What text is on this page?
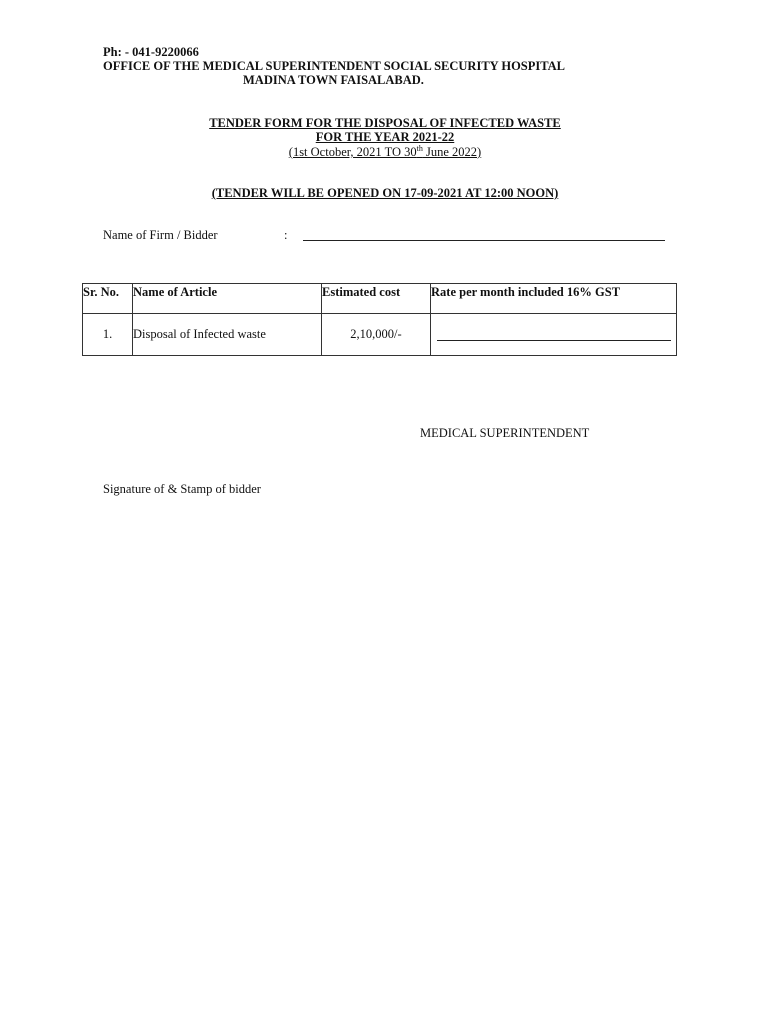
Ph: - 041-9220066
OFFICE OF THE MEDICAL SUPERINTENDENT SOCIAL SECURITY HOSPITAL
MADINA TOWN FAISALABAD.
TENDER FORM FOR THE DISPOSAL OF INFECTED WASTE
FOR THE YEAR 2021-22
(1st October, 2021 TO 30th June 2022)
(TENDER WILL BE OPENED ON 17-09-2021 AT 12:00 NOON)
Name of Firm / Bidder	:
Sr. No.	Name of Article	Estimated cost	Rate per month included 16% GST
1.	Disposal of Infected waste	2,10,000/-	
MEDICAL SUPERINTENDENT
Signature of & Stamp of bidder
